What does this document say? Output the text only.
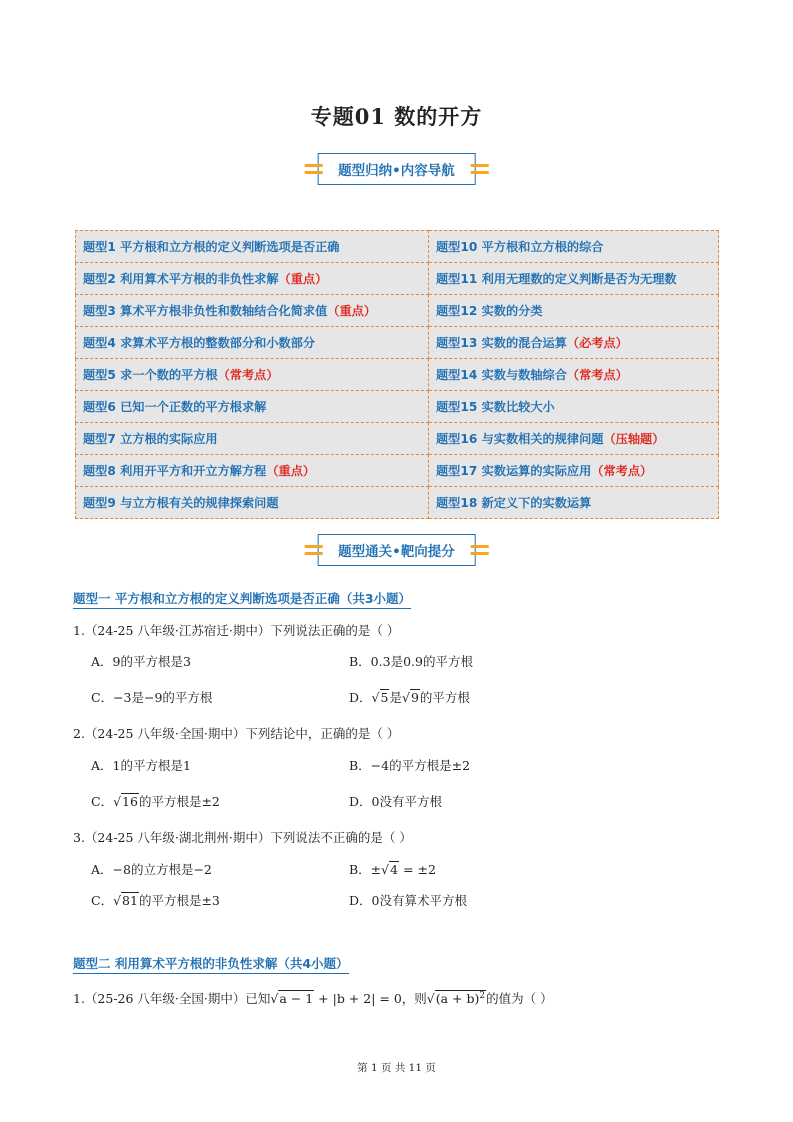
专题01 数的开方
题型归纳•内容导航
题型1 平方根和立方根的定义判断选项是否正确	题型10 平方根和立方根的综合
题型2 利用算术平方根的非负性求解（重点）	题型11 利用无理数的定义判断是否为无理数
题型3 算术平方根非负性和数轴结合化简求值（重点）	题型12 实数的分类
题型4 求算术平方根的整数部分和小数部分	题型13 实数的混合运算（必考点）
题型5 求一个数的平方根（常考点）	题型14 实数与数轴综合（常考点）
题型6 已知一个正数的平方根求解	题型15 实数比较大小
题型7 立方根的实际应用	题型16 与实数相关的规律问题（压轴题）
题型8 利用开平方和开立方解方程（重点）	题型17 实数运算的实际应用（常考点）
题型9 与立方根有关的规律探索问题	题型18 新定义下的实数运算
题型通关•靶向提分
题型一 平方根和立方根的定义判断选项是否正确（共3小题）
1.（24-25 八年级·江苏宿迁·期中）下列说法正确的是（ ）
A．9的平方根是3	B．0.3是0.9的平方根
C．−3是−9的平方根	D．√5是√9的平方根
2.（24-25 八年级·全国·期中）下列结论中，正确的是（ ）
A．1的平方根是1	B．−4的平方根是±2
C．√16的平方根是±2	D．0没有平方根
3.（24-25 八年级·湖北荆州·期中）下列说法不正确的是（ ）
A．−8的立方根是−2	B．±√4 = ±2
C．√81的平方根是±3	D．0没有算术平方根
题型二 利用算术平方根的非负性求解（共4小题）
1.（25-26 八年级·全国·期中）已知√a − 1 + |b + 2| = 0，则$√(a + b)^2$的值为（ ）
第 1 页 共 11 页
